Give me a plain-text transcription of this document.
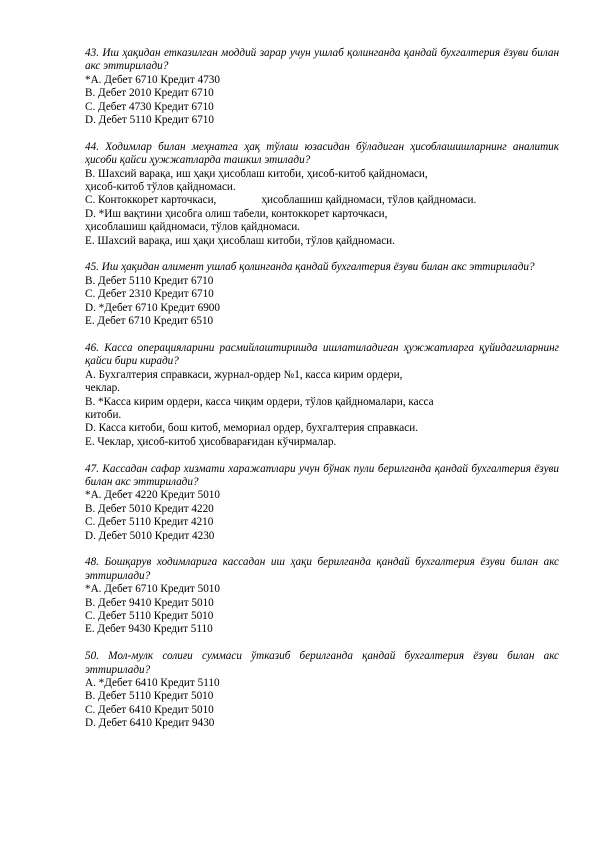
43. Иш ҳақидан етказилган моддий зарар учун ушлаб қолинганда қандай бухгалтерия ёзуви билан акс эттирилади?
*A. Дебет 6710 Кредит 4730
B. Дебет 2010 Кредит 6710
C. Дебет 4730 Кредит 6710
D. Дебет 5110 Кредит 6710
44. Ходимлар билан меҳнатга ҳақ тўлаш юзасидан бўладиган ҳисоблашишларнинг аналитик ҳисоби қайси ҳужжатларда ташкил этилади?
B. Шахсий варақа, иш ҳақи ҳисоблаш китоби, ҳисоб-китоб қайдномаси,
ҳисоб-китоб тўлов қайдномаси.
C. Контоккорет карточкаси,	ҳисоблашиш қайдномаси, тўлов қайдномаси.
D. *Иш вақтини ҳисобга олиш табели, контоккорет карточкаси,
ҳисоблашиш қайдномаси, тўлов қайдномаси.
E. Шахсий варақа, иш ҳақи ҳисоблаш китоби, тўлов қайдномаси.
45. Иш ҳақидан алимент ушлаб қолинганда қандай бухгалтерия ёзуви билан акс эттирилади?
B. Дебет 5110 Кредит 6710
C. Дебет 2310 Кредит 6710
D. *Дебет 6710 Кредит 6900
E. Дебет 6710 Кредит 6510
46. Касса операцияларини расмийлаштиришда ишлатиладиган ҳужжатларга қуйидагиларнинг қайси бири киради?
A. Бухгалтерия справкаси, журнал-ордер №1, касса кирим ордери,
чеклар.
B. *Касса кирим ордери, касса чиқим ордери, тўлов қайдномалари, касса
китоби.
D. Касса китоби, бош китоб, мемориал ордер, бухгалтерия справкаси.
E. Чеклар, ҳисоб-китоб ҳисобварағидан кўчирмалар.
47. Кассадан сафар хизмати харажатлари учун бўнак пули берилганда қандай бухгалтерия ёзуви билан акс эттирилади?
*A. Дебет 4220 Кредит 5010
B. Дебет 5010 Кредит 4220
C. Дебет 5110 Кредит 4210
D. Дебет 5010 Кредит 4230
48. Бошқарув ходимларига кассадан иш ҳақи берилганда қандай бухгалтерия ёзуви билан акс эттирилади?
*A. Дебет 6710 Кредит 5010
B. Дебет 9410 Кредит 5010
C. Дебет 5110 Кредит 5010
E. Дебет 9430 Кредит 5110
50. Мол-мулк солиғи суммаси ўтказиб берилганда қандай бухгалтерия ёзуви билан акс эттирилади?
A. *Дебет 6410 Кредит 5110
B. Дебет 5110 Кредит 5010
C. Дебет 6410 Кредит 5010
D. Дебет 6410 Кредит 9430
